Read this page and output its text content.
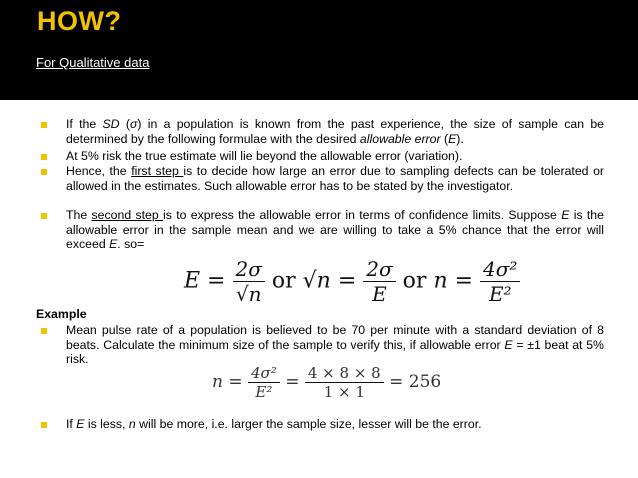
HOW?
For Qualitative data
If the SD (σ) in a population is known from the past experience, the size of sample can be determined by the following formulae with the desired allowable error (E).
At 5% risk the true estimate will lie beyond the allowable error (variation).
Hence, the first step is to decide how large an error due to sampling defects can be tolerated or allowed in the estimates. Such allowable error has to be stated by the investigator.
The second step is to express the allowable error in terms of confidence limits. Suppose E is the allowable error in the sample mean and we are willing to take a 5% chance that the error will exceed E. so=
$E = \frac{2\sigma}{√n}$ or $√n = \frac{2\sigma}{E}$ or $n = \frac{\text{4σ²}}{\text{E²}}$
Example
Mean pulse rate of a population is believed to be 70 per minute with a standard deviation of 8 beats. Calculate the minimum size of the sample to verify this, if allowable error E = ±1 beat at 5% risk.
$n = \frac{\text{4σ²}}{\text{E²}} = \frac{4 \times 8 \times 8}{1 \times 1} = 256$
If E is less, n will be more, i.e. larger the sample size, lesser will be the error.
